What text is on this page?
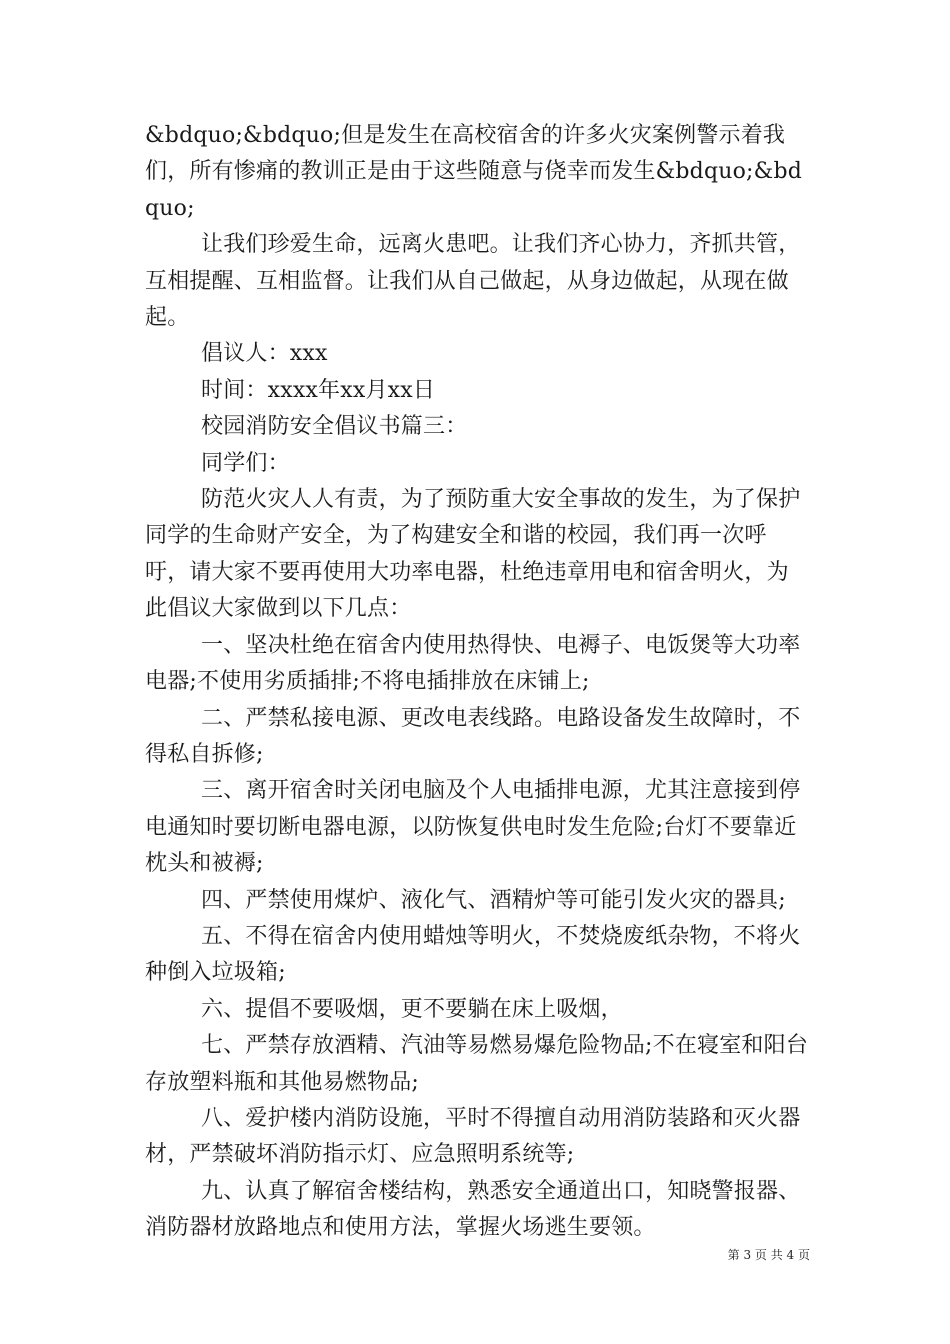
&bdquo;&bdquo;但是发生在高校宿舍的许多火灾案例警示着我们，所有惨痛的教训正是由于这些随意与侥幸而发生&bdquo;&bdquo;

让我们珍爱生命，远离火患吧。让我们齐心协力，齐抓共管，互相提醒、互相监督。让我们从自己做起，从身边做起，从现在做起。

倡议人：xxx

时间：xxxx年xx月xx日

校园消防安全倡议书篇三：

同学们：

防范火灾人人有责，为了预防重大安全事故的发生，为了保护同学的生命财产安全，为了构建安全和谐的校园，我们再一次呼吁，请大家不要再使用大功率电器，杜绝违章用电和宿舍明火，为此倡议大家做到以下几点：

一、坚决杜绝在宿舍内使用热得快、电褥子、电饭煲等大功率电器;不使用劣质插排;不将电插排放在床铺上;

二、严禁私接电源、更改电表线路。电路设备发生故障时，不得私自拆修;

三、离开宿舍时关闭电脑及个人电插排电源，尤其注意接到停电通知时要切断电器电源，以防恢复供电时发生危险;台灯不要靠近枕头和被褥;

四、严禁使用煤炉、液化气、酒精炉等可能引发火灾的器具;

五、不得在宿舍内使用蜡烛等明火，不焚烧废纸杂物，不将火种倒入垃圾箱;

六、提倡不要吸烟，更不要躺在床上吸烟，

七、严禁存放酒精、汽油等易燃易爆危险物品;不在寝室和阳台存放塑料瓶和其他易燃物品;

八、爱护楼内消防设施，平时不得擅自动用消防装路和灭火器材，严禁破坏消防指示灯、应急照明系统等;

九、认真了解宿舍楼结构，熟悉安全通道出口，知晓警报器、消防器材放路地点和使用方法，掌握火场逃生要领。

第 3 页 共 4 页
